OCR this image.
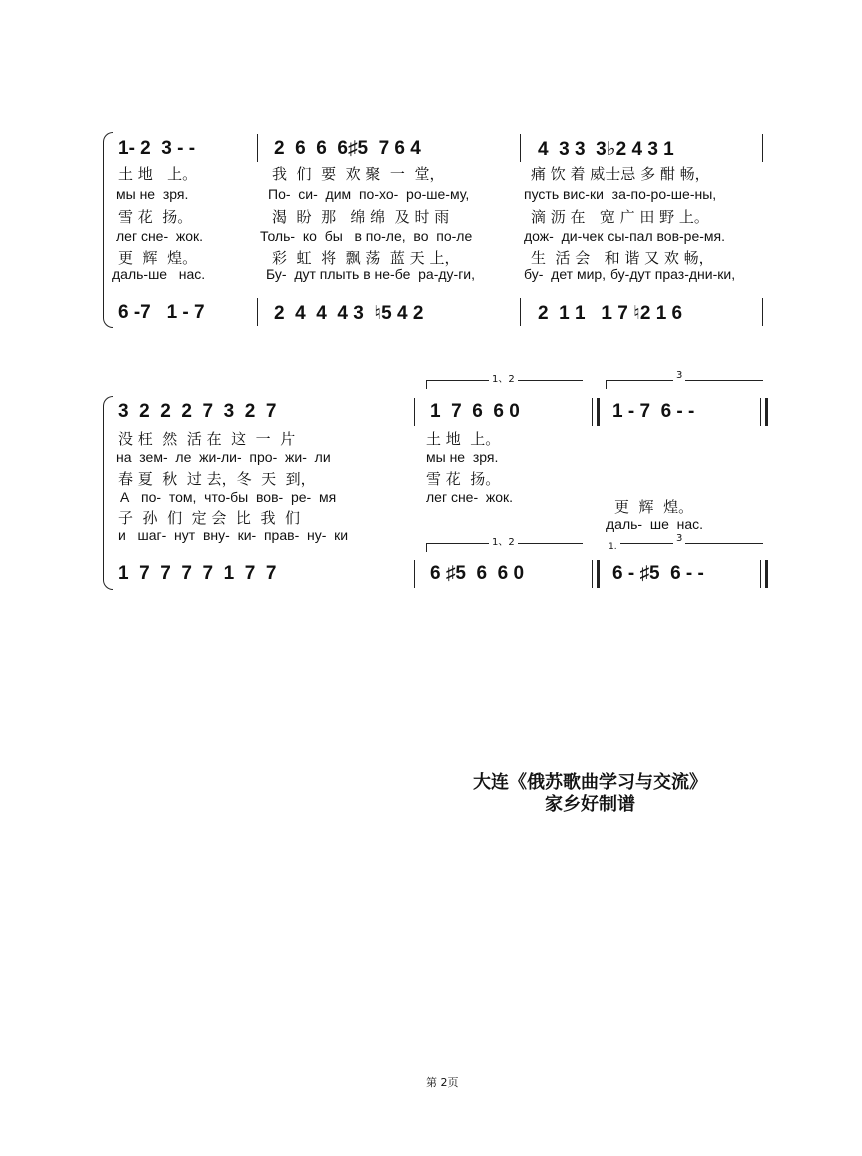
1- 2  3 - -	2  6  6  6♯5  7 6 4	4  3 3  3♭2 4 3 1
土 地   上。	我  们  要  欢 聚  一  堂，	痛 饮 着 威士忌 多 酣 畅，
мы не  зря.	По-  си-  дим  по-хо-  ро-ше-му,	пусть вис-ки  за-по-ро-ше-ны,
雪 花  扬。	渴  盼  那   绵 绵  及 时 雨	滴 沥 在   宽 广 田 野 上。
лег сне-  жок.	Толь-  ко  бы   в по-ле,  во  по-ле	дож-  ди-чек сы-пал вов-ре-мя.
更  辉  煌。	彩  虹  将  飘 荡  蓝 天 上，	生  活 会   和 谐 又 欢 畅，
даль-ше   нас.	Бу-  дут плыть в не-бе  ра-ду-ги,	бу-  дет мир, бу-дут праз-дни-ки,
6 -7   1 - 7	2  4  4  4 3  ♮5 4 2	2  1 1   1 7 ♮2 1 6
1、2	3
1、2	1.
3
3  2  2  2  7  3  2  7	1  7  6  6 0	1 - 7  6 - -
没 枉  然  活 在  这  一  片	土 地  上。
на  зем-  ле  жи-ли-  про-  жи-  ли	мы не  зря.
春 夏  秋  过 去，冬  天  到，	雪 花  扬。
А   по-  том,  что-бы  вов-  ре-  мя	лег сне-  жок.
子  孙  们  定 会  比  我  们
更  辉  煌。
и   шаг-  нут  вну-  ки-  прав-  ну-  ки
даль-  ше  нас.
1  7  7  7  7  1  7  7	6 ♯5  6  6 0	6 - ♯5  6 - -
大连《俄苏歌曲学习与交流》
家乡好制谱
第 2页
